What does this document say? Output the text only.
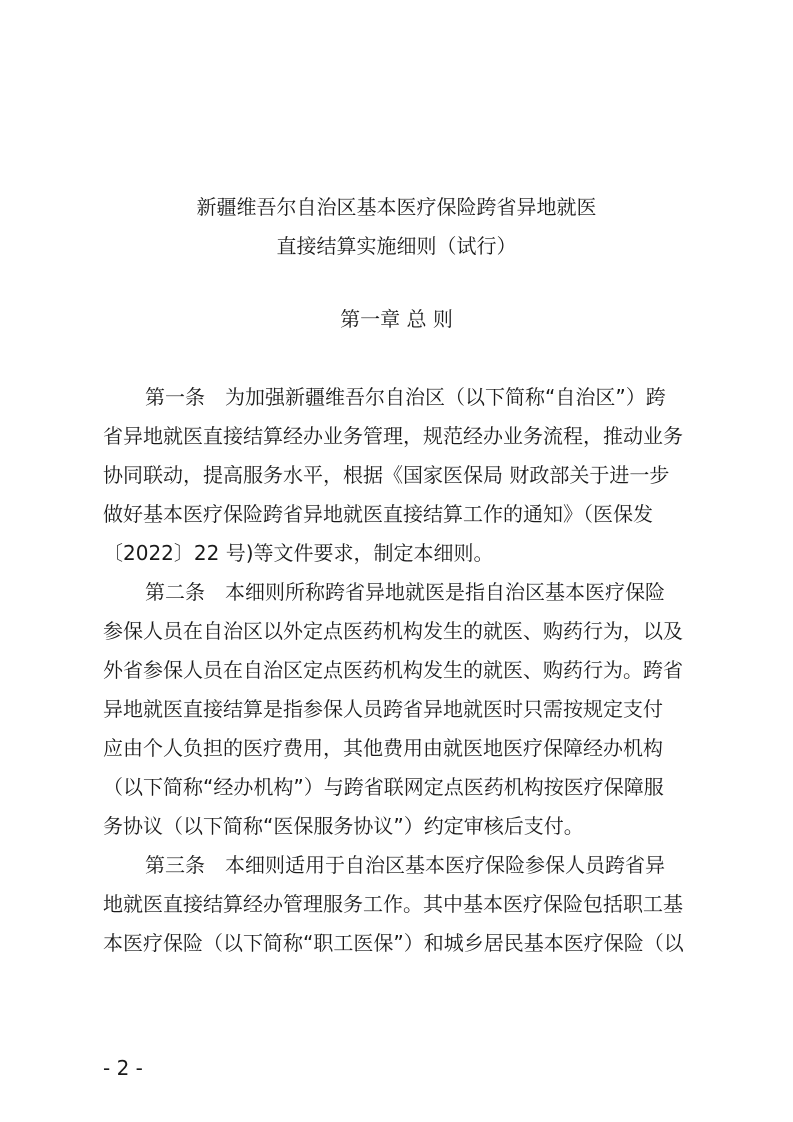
新疆维吾尔自治区基本医疗保险跨省异地就医
直接结算实施细则（试行）
第一章 总 则
第一条　为加强新疆维吾尔自治区（以下简称“自治区”）跨
省异地就医直接结算经办业务管理，规范经办业务流程，推动业务
协同联动，提高服务水平，根据《国家医保局 财政部关于进一步
做好基本医疗保险跨省异地就医直接结算工作的通知》（医保发
〔2022〕22 号)等文件要求，制定本细则。
第二条　本细则所称跨省异地就医是指自治区基本医疗保险
参保人员在自治区以外定点医药机构发生的就医、购药行为，以及
外省参保人员在自治区定点医药机构发生的就医、购药行为。跨省
异地就医直接结算是指参保人员跨省异地就医时只需按规定支付
应由个人负担的医疗费用，其他费用由就医地医疗保障经办机构
（以下简称“经办机构”）与跨省联网定点医药机构按医疗保障服
务协议（以下简称“医保服务协议”）约定审核后支付。
第三条　本细则适用于自治区基本医疗保险参保人员跨省异
地就医直接结算经办管理服务工作。其中基本医疗保险包括职工基
本医疗保险（以下简称“职工医保”）和城乡居民基本医疗保险（以
- 2 -
